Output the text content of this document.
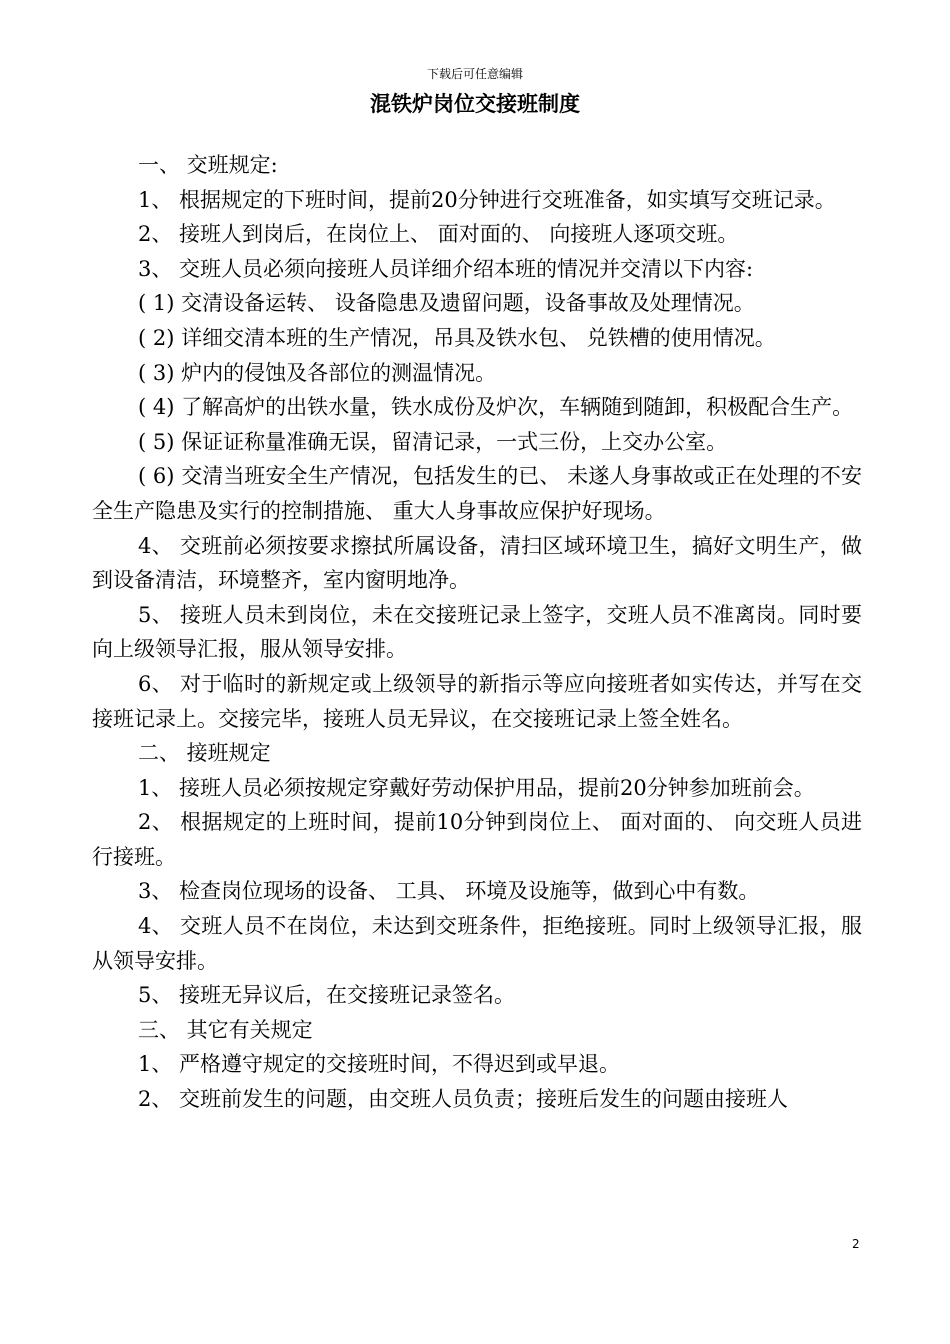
下载后可任意编辑
混铁炉岗位交接班制度

一、 交班规定:

1、 根据规定的下班时间，提前20分钟进行交班准备，如实填写交班记录。

2、 接班人到岗后，在岗位上、 面对面的、 向接班人逐项交班。

3、 交班人员必须向接班人员详细介绍本班的情况并交清以下内容:

( 1) 交清设备运转、 设备隐患及遗留问题，设备事故及处理情况。

( 2) 详细交清本班的生产情况，吊具及铁水包、 兑铁槽的使用情况。

( 3) 炉内的侵蚀及各部位的测温情况。

( 4) 了解高炉的出铁水量，铁水成份及炉次，车辆随到随卸，积极配合生产。

( 5) 保证证称量准确无误，留清记录，一式三份，上交办公室。

( 6) 交清当班安全生产情况，包括发生的已、 未遂人身事故或正在处理的不安全生产隐患及实行的控制措施、 重大人身事故应保护好现场。

4、 交班前必须按要求擦拭所属设备，清扫区域环境卫生，搞好文明生产，做到设备清洁，环境整齐，室内窗明地净。

5、 接班人员未到岗位，未在交接班记录上签字，交班人员不准离岗。同时要向上级领导汇报，服从领导安排。

6、 对于临时的新规定或上级领导的新指示等应向接班者如实传达，并写在交接班记录上。交接完毕，接班人员无异议，在交接班记录上签全姓名。

二、 接班规定

1、 接班人员必须按规定穿戴好劳动保护用品，提前20分钟参加班前会。

2、 根据规定的上班时间，提前10分钟到岗位上、 面对面的、 向交班人员进行接班。

3、 检查岗位现场的设备、 工具、 环境及设施等，做到心中有数。

4、 交班人员不在岗位，未达到交班条件，拒绝接班。同时上级领导汇报，服从领导安排。

5、 接班无异议后，在交接班记录签名。

三、 其它有关规定

1、 严格遵守规定的交接班时间，不得迟到或早退。

2、 交班前发生的问题，由交班人员负责；接班后发生的问题由接班人

2
